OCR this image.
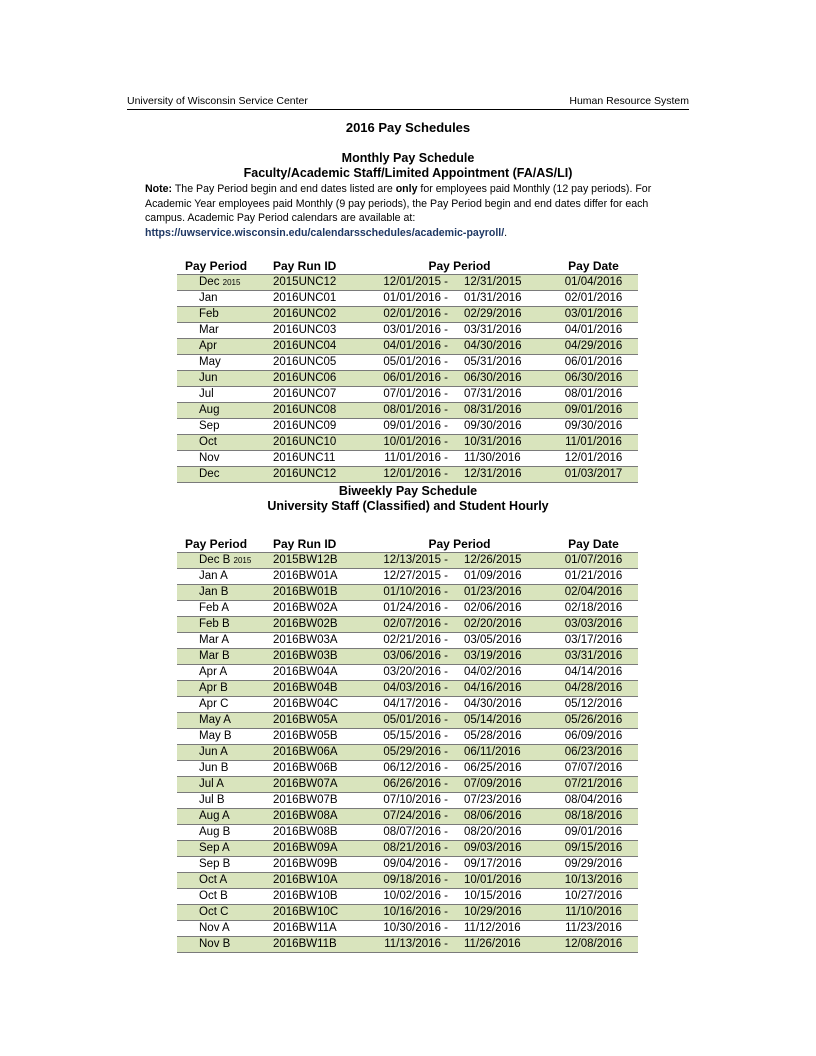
University of Wisconsin Service Center	Human Resource System
2016 Pay Schedules
Monthly Pay Schedule
Faculty/Academic Staff/Limited Appointment (FA/AS/LI)
Note: The Pay Period begin and end dates listed are only for employees paid Monthly (12 pay periods). For Academic Year employees paid Monthly (9 pay periods), the Pay Period begin and end dates differ for each campus. Academic Pay Period calendars are available at:
https://uwservice.wisconsin.edu/calendarsschedules/academic-payroll/.
Pay Period	Pay Run ID	Pay Period		Pay Date
Dec 2015	2015UNC12	12/01/2015 -	12/31/2015	01/04/2016
Jan	2016UNC01	01/01/2016 -	01/31/2016	02/01/2016
Feb	2016UNC02	02/01/2016 -	02/29/2016	03/01/2016
Mar	2016UNC03	03/01/2016 -	03/31/2016	04/01/2016
Apr	2016UNC04	04/01/2016 -	04/30/2016	04/29/2016
May	2016UNC05	05/01/2016 -	05/31/2016	06/01/2016
Jun	2016UNC06	06/01/2016 -	06/30/2016	06/30/2016
Jul	2016UNC07	07/01/2016 -	07/31/2016	08/01/2016
Aug	2016UNC08	08/01/2016 -	08/31/2016	09/01/2016
Sep	2016UNC09	09/01/2016 -	09/30/2016	09/30/2016
Oct	2016UNC10	10/01/2016 -	10/31/2016	11/01/2016
Nov	2016UNC11	11/01/2016 -	11/30/2016	12/01/2016
Dec	2016UNC12	12/01/2016 -	12/31/2016	01/03/2017
Biweekly Pay Schedule
University Staff (Classified) and Student Hourly
Pay Period	Pay Run ID	Pay Period		Pay Date
Dec B 2015	2015BW12B	12/13/2015 -	12/26/2015	01/07/2016
Jan A	2016BW01A	12/27/2015 -	01/09/2016	01/21/2016
Jan B	2016BW01B	01/10/2016 -	01/23/2016	02/04/2016
Feb A	2016BW02A	01/24/2016 -	02/06/2016	02/18/2016
Feb B	2016BW02B	02/07/2016 -	02/20/2016	03/03/2016
Mar A	2016BW03A	02/21/2016 -	03/05/2016	03/17/2016
Mar B	2016BW03B	03/06/2016 -	03/19/2016	03/31/2016
Apr A	2016BW04A	03/20/2016 -	04/02/2016	04/14/2016
Apr B	2016BW04B	04/03/2016 -	04/16/2016	04/28/2016
Apr C	2016BW04C	04/17/2016 -	04/30/2016	05/12/2016
May A	2016BW05A	05/01/2016 -	05/14/2016	05/26/2016
May B	2016BW05B	05/15/2016 -	05/28/2016	06/09/2016
Jun A	2016BW06A	05/29/2016 -	06/11/2016	06/23/2016
Jun B	2016BW06B	06/12/2016 -	06/25/2016	07/07/2016
Jul A	2016BW07A	06/26/2016 -	07/09/2016	07/21/2016
Jul B	2016BW07B	07/10/2016 -	07/23/2016	08/04/2016
Aug A	2016BW08A	07/24/2016 -	08/06/2016	08/18/2016
Aug B	2016BW08B	08/07/2016 -	08/20/2016	09/01/2016
Sep A	2016BW09A	08/21/2016 -	09/03/2016	09/15/2016
Sep B	2016BW09B	09/04/2016 -	09/17/2016	09/29/2016
Oct A	2016BW10A	09/18/2016 -	10/01/2016	10/13/2016
Oct B	2016BW10B	10/02/2016 -	10/15/2016	10/27/2016
Oct C	2016BW10C	10/16/2016 -	10/29/2016	11/10/2016
Nov A	2016BW11A	10/30/2016 -	11/12/2016	11/23/2016
Nov B	2016BW11B	11/13/2016 -	11/26/2016	12/08/2016
